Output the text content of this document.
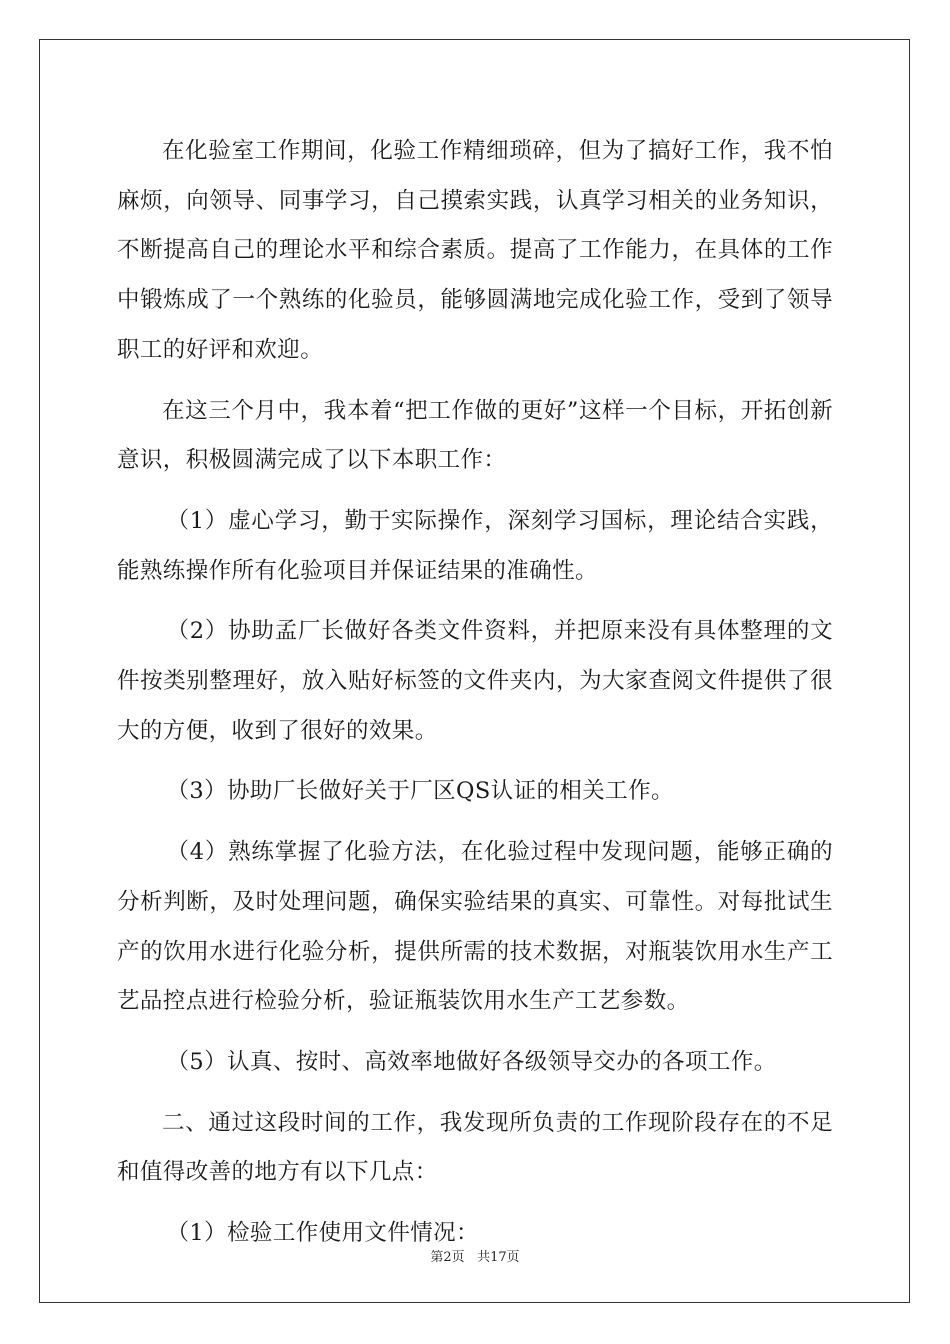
在化验室工作期间，化验工作精细琐碎，但为了搞好工作，我不怕麻烦，向领导、同事学习，自己摸索实践，认真学习相关的业务知识，不断提高自己的理论水平和综合素质。提高了工作能力，在具体的工作中锻炼成了一个熟练的化验员，能够圆满地完成化验工作，受到了领导职工的好评和欢迎。

在这三个月中，我本着“把工作做的更好”这样一个目标，开拓创新意识，积极圆满完成了以下本职工作：

（1）虚心学习，勤于实际操作，深刻学习国标，理论结合实践，能熟练操作所有化验项目并保证结果的准确性。

（2）协助孟厂长做好各类文件资料，并把原来没有具体整理的文件按类别整理好，放入贴好标签的文件夹内，为大家查阅文件提供了很大的方便，收到了很好的效果。

（3）协助厂长做好关于厂区QS认证的相关工作。

（4）熟练掌握了化验方法，在化验过程中发现问题，能够正确的分析判断，及时处理问题，确保实验结果的真实、可靠性。对每批试生产的饮用水进行化验分析，提供所需的技术数据，对瓶装饮用水生产工艺品控点进行检验分析，验证瓶装饮用水生产工艺参数。

（5）认真、按时、高效率地做好各级领导交办的各项工作。

二、通过这段时间的工作，我发现所负责的工作现阶段存在的不足和值得改善的地方有以下几点：

（1）检验工作使用文件情况：

第2页 共17页
